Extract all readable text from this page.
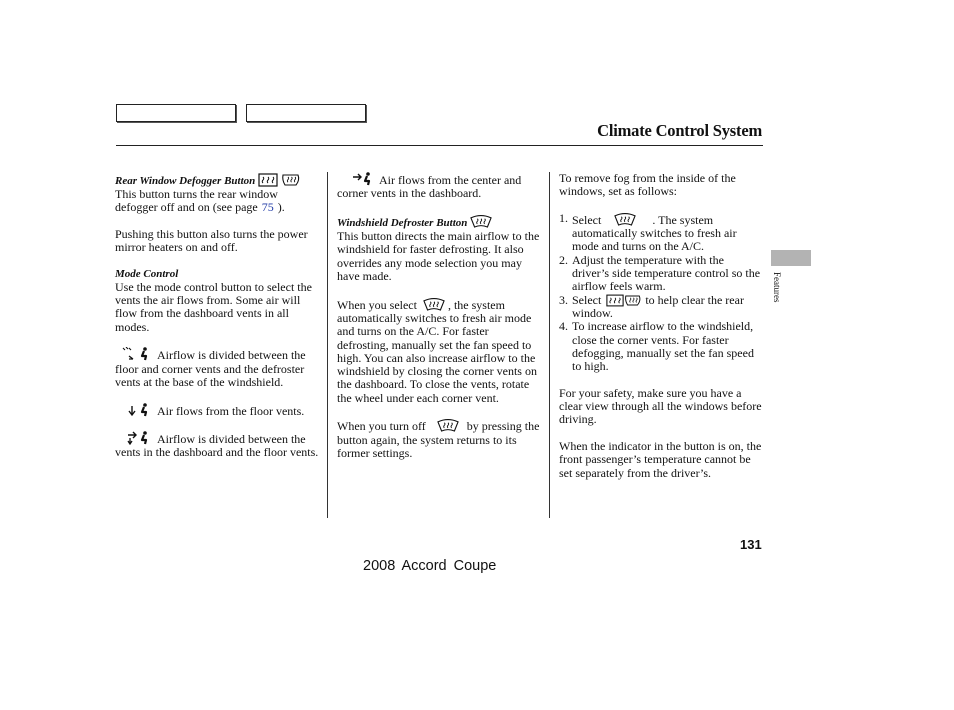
Climate Control System
Features
Rear Window Defogger Button

This button turns the rear window defogger off and on (see page 75 ).

Pushing this button also turns the power mirror heaters on and off.

Mode Control

Use the mode control button to select the vents the air flows from. Some air will flow from the dashboard vents in all modes.

Airflow is divided between the floor and corner vents and the defroster vents at the base of the windshield.

Air flows from the floor vents.

Airflow is divided between the vents in the dashboard and the floor vents.

Air flows from the center and corner vents in the dashboard.

Windshield Defroster Button

This button directs the main airflow to the windshield for faster defrosting. It also overrides any mode selection you may have made.

When you select	, the system automatically switches to fresh air mode and turns on the A/C. For faster defrosting, manually set the fan speed to high. You can also increase airflow to the windshield by closing the corner vents on the dashboard. To close the vents, rotate the wheel under each corner vent.

When you turn off	by pressing the button again, the system returns to its former settings.

To remove fog from the inside of the windows, set as follows:

1. Select	. The system automatically switches to fresh air mode and turns on the A/C.
2. Adjust the temperature with the driver’s side temperature control so the airflow feels warm.
3. Select	to help clear the rear window.
4. To increase airflow to the windshield, close the corner vents. For faster defogging, manually set the fan speed to high.

For your safety, make sure you have a clear view through all the windows before driving.

When the indicator in the button is on, the front passenger’s temperature cannot be set separately from the driver’s.

131
2008 Accord Coupe
